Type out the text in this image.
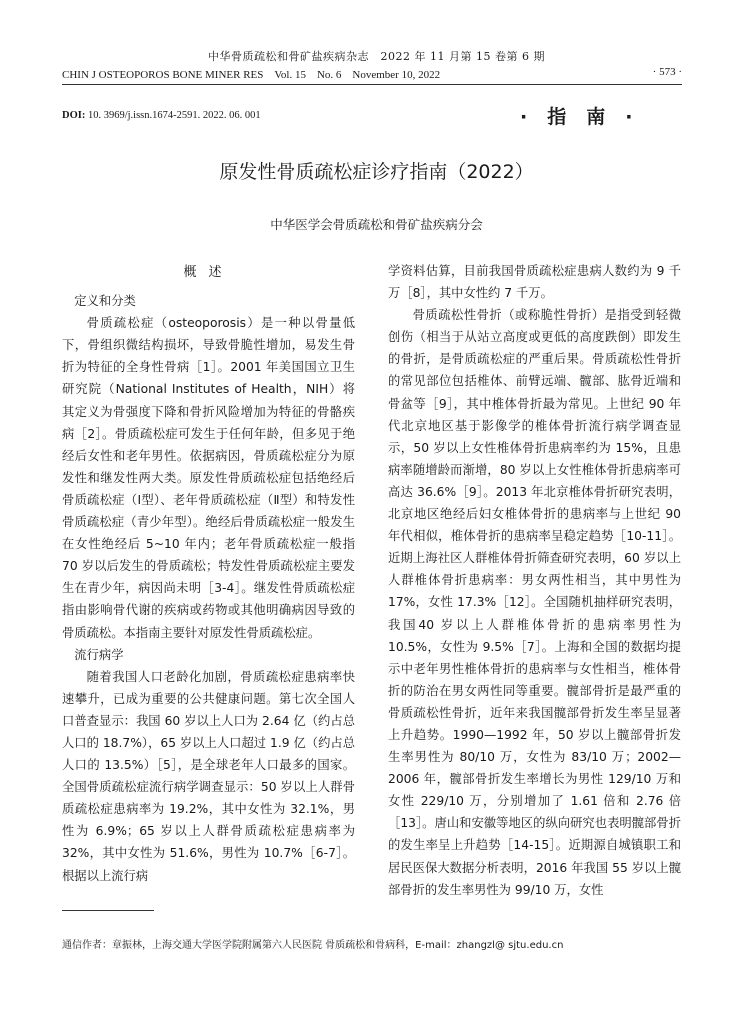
中华骨质疏松和骨矿盐疾病杂志　2022 年 11 月第 15 卷第 6 期
CHIN J OSTEOPOROS BONE MINER RES　Vol. 15　No. 6　November 10, 2022	· 573 ·
DOI: 10. 3969/j.issn.1674-2591. 2022. 06. 001	·指南·
原发性骨质疏松症诊疗指南（2022）
中华医学会骨质疏松和骨矿盐疾病分会

概述

定义和分类

骨质疏松症（osteoporosis）是一种以骨量低下，骨组织微结构损坏，导致骨脆性增加，易发生骨折为特征的全身性骨病［1］。2001 年美国国立卫生研究院（National Institutes of Health，NIH）将其定义为骨强度下降和骨折风险增加为特征的骨骼疾病［2］。骨质疏松症可发生于任何年龄，但多见于绝经后女性和老年男性。依据病因，骨质疏松症分为原发性和继发性两大类。原发性骨质疏松症包括绝经后骨质疏松症（Ⅰ型）、老年骨质疏松症（Ⅱ型）和特发性骨质疏松症（青少年型）。绝经后骨质疏松症一般发生在女性绝经后 5~10 年内；老年骨质疏松症一般指 70 岁以后发生的骨质疏松；特发性骨质疏松症主要发生在青少年，病因尚未明［3-4］。继发性骨质疏松症指由影响骨代谢的疾病或药物或其他明确病因导致的骨质疏松。本指南主要针对原发性骨质疏松症。

流行病学

随着我国人口老龄化加剧，骨质疏松症患病率快速攀升，已成为重要的公共健康问题。第七次全国人口普查显示：我国 60 岁以上人口为 2.64 亿（约占总人口的 18.7%），65 岁以上人口超过 1.9 亿（约占总人口的 13.5%）［5］，是全球老年人口最多的国家。全国骨质疏松症流行病学调查显示：50 岁以上人群骨质疏松症患病率为 19.2%，其中女性为 32.1%，男性为 6.9%；65 岁以上人群骨质疏松症患病率为 32%，其中女性为 51.6%，男性为 10.7%［6-7］。根据以上流行病

学资料估算，目前我国骨质疏松症患病人数约为 9 千万［8］，其中女性约 7 千万。

骨质疏松性骨折（或称脆性骨折）是指受到轻微创伤（相当于从站立高度或更低的高度跌倒）即发生的骨折，是骨质疏松症的严重后果。骨质疏松性骨折的常见部位包括椎体、前臂远端、髋部、肱骨近端和骨盆等［9］，其中椎体骨折最为常见。上世纪 90 年代北京地区基于影像学的椎体骨折流行病学调查显示，50 岁以上女性椎体骨折患病率约为 15%，且患病率随增龄而渐增，80 岁以上女性椎体骨折患病率可高达 36.6%［9］。2013 年北京椎体骨折研究表明，北京地区绝经后妇女椎体骨折的患病率与上世纪 90 年代相似，椎体骨折的患病率呈稳定趋势［10-11］。近期上海社区人群椎体骨折筛查研究表明，60 岁以上人群椎体骨折患病率：男女两性相当，其中男性为 17%，女性 17.3%［12］。全国随机抽样研究表明，我国40 岁以上人群椎体骨折的患病率男性为 10.5%，女性为 9.5%［7］。上海和全国的数据均提示中老年男性椎体骨折的患病率与女性相当，椎体骨折的防治在男女两性同等重要。髋部骨折是最严重的骨质疏松性骨折，近年来我国髋部骨折发生率呈显著上升趋势。1990—1992 年，50 岁以上髋部骨折发生率男性为 80/10 万，女性为 83/10 万；2002—2006 年，髋部骨折发生率增长为男性 129/10 万和女性 229/10 万，分别增加了 1.61 倍和 2.76 倍［13］。唐山和安徽等地区的纵向研究也表明髋部骨折的发生率呈上升趋势［14-15］。近期源自城镇职工和居民医保大数据分析表明，2016 年我国 55 岁以上髋部骨折的发生率男性为 99/10 万，女性

通信作者：章振林，上海交通大学医学院附属第六人民医院 骨质疏松和骨病科，E-mail：zhangzl@ sjtu.edu.cn
